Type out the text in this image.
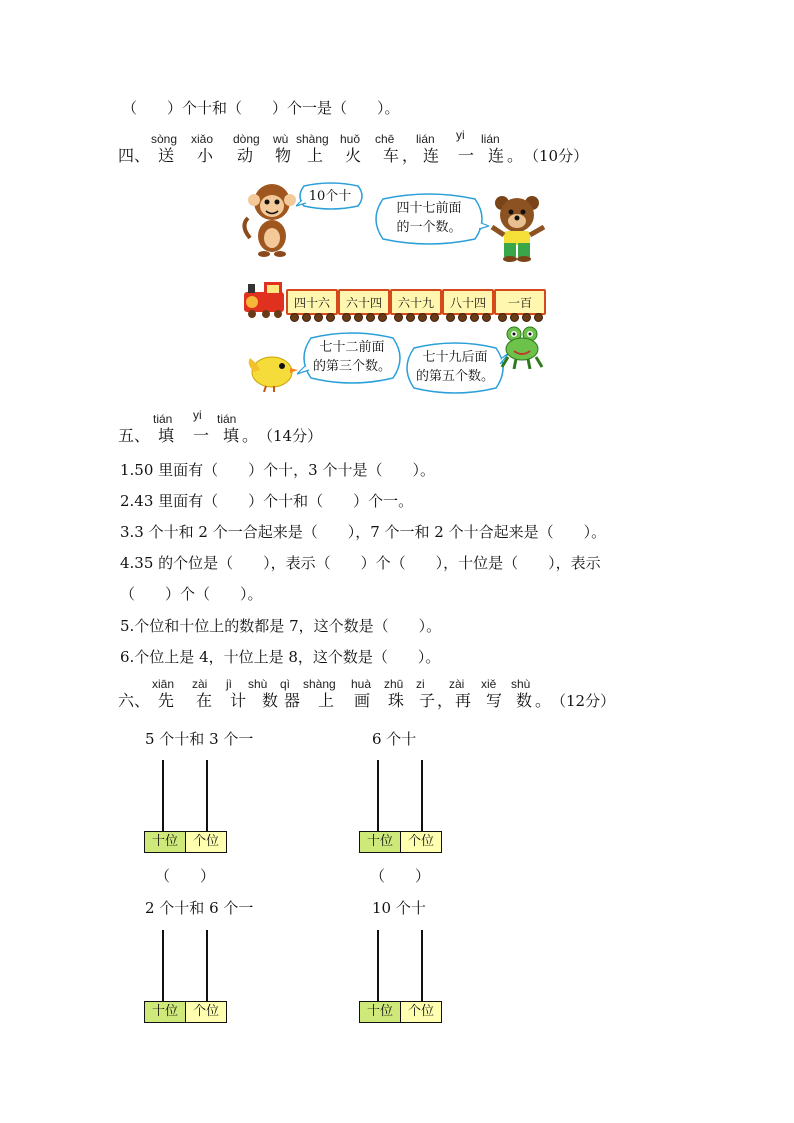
（　　）个十和（　　）个一是（　　）。
四、
sòng xiǎo dòng wù shàng huǒ chē lián yi lián
送 小 动 物 上 火 车 ， 连 一 连 。 （10分）
10个十
四十七前面
的一个数。
四十六	六十四	六十九	八十四	一百
七十二前面
的第三个数。
七十九后面
的第五个数。
五、
tián yi tián
填 一 填 。 （14分）
1.50 里面有（　　）个十，3 个十是（　　）。
2.43 里面有（　　）个十和（　　）个一。
3.3 个十和 2 个一合起来是（　　），7 个一和 2 个十合起来是（　　）。
4.35 的个位是（　　），表示（　　）个（　　），十位是（　　），表示
（　　）个（　　）。
5.个位和十位上的数都是 7，这个数是（　　）。
6.个位上是 4，十位上是 8，这个数是（　　）。
六、
xiān zài jì shù qì shàng huà zhū zi zài xiě shù
先 在 计 数 器 上 画 珠 子 ， 再 写 数 。 （12分）
5 个十和 3 个一
十位	个位
（　　）
6 个十
十位	个位
（　　）
2 个十和 6 个一
十位	个位
10 个十
十位	个位
